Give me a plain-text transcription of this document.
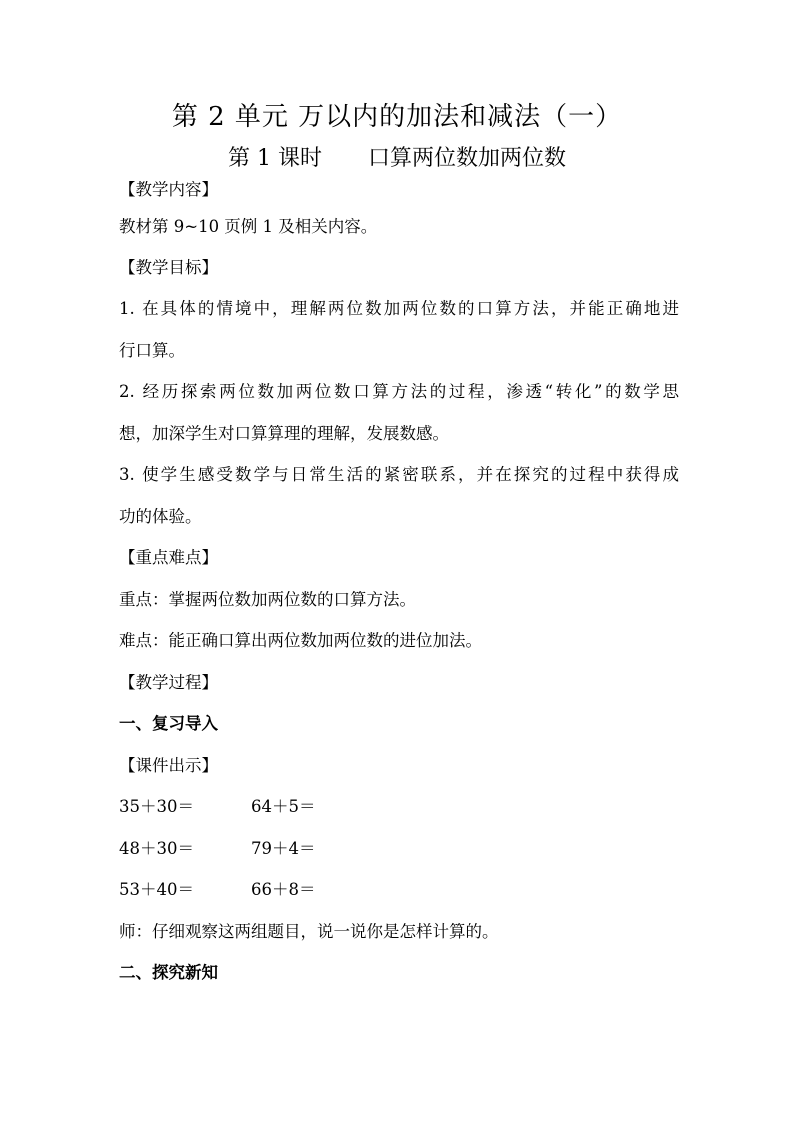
第 2 单元 万以内的加法和减法（一）
第 1 课时 口算两位数加两位数
【教学内容】
教材第 9~10 页例 1 及相关内容。
【教学目标】
1. 在具体的情境中，理解两位数加两位数的口算方法，并能正确地进
行口算。
2. 经历探索两位数加两位数口算方法的过程，渗透“转化”的数学思
想，加深学生对口算算理的理解，发展数感。
3. 使学生感受数学与日常生活的紧密联系，并在探究的过程中获得成
功的体验。
【重点难点】
重点：掌握两位数加两位数的口算方法。
难点：能正确口算出两位数加两位数的进位加法。
【教学过程】
一、复习导入
【课件出示】
35＋30＝	64＋5＝
48＋30＝	79＋4＝
53＋40＝	66＋8＝
师：仔细观察这两组题目，说一说你是怎样计算的。
二、探究新知
